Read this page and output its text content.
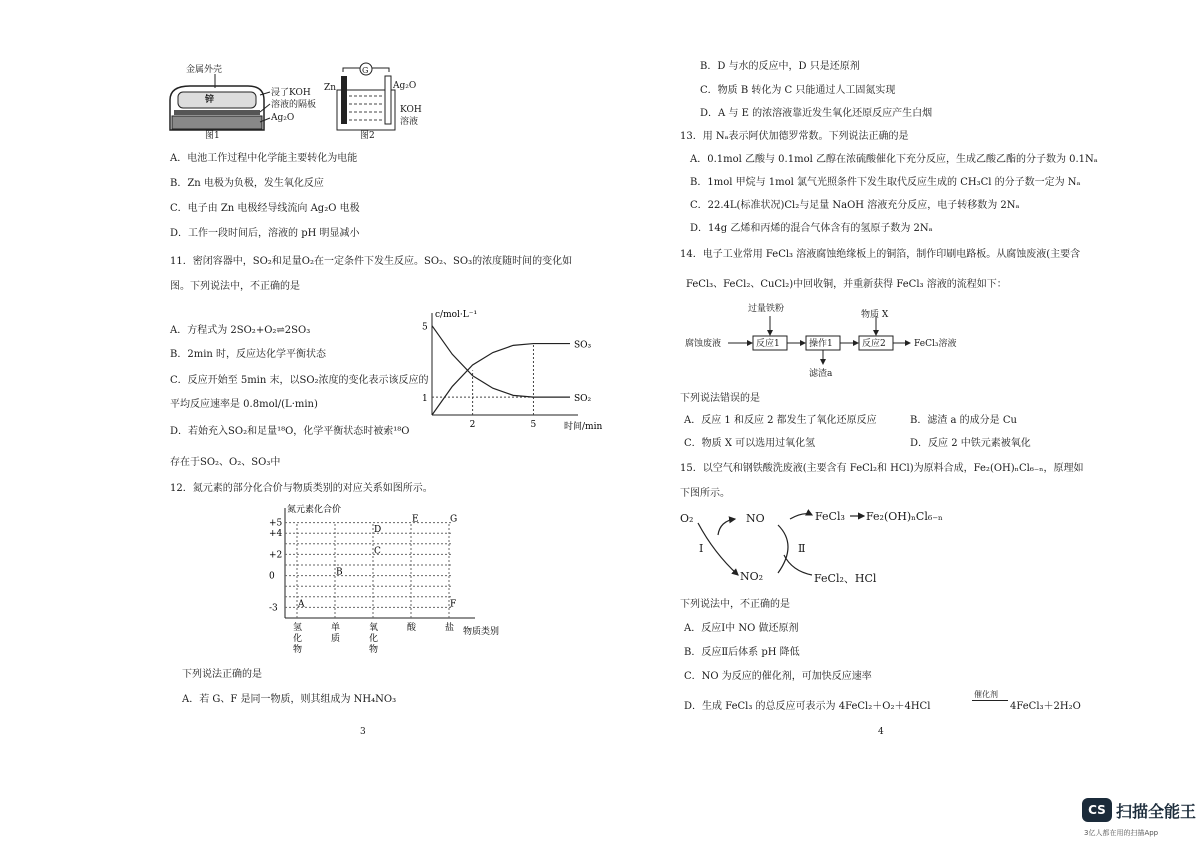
金属外壳
锌
浸了KOH
溶液的隔板
Ag₂O
图1
Zn
G
Ag₂O
KOH
溶液
图2
A．电池工作过程中化学能主要转化为电能
B．Zn 电极为负极，发生氧化反应
C．电子由 Zn 电极经导线流向 Ag₂O 电极
D．工作一段时间后，溶液的 pH 明显减小
11．密闭容器中，SO₂和足量O₂在一定条件下发生反应。SO₂、SO₃的浓度随时间的变化如
图。下列说法中，不正确的是
A．方程式为 2SO₂+O₂⇌2SO₃
B．2min 时，反应达化学平衡状态
C．反应开始至 5min 末，以SO₂浓度的变化表示该反应的
平均反应速率是 0.8mol/(L·min)
D．若始充入SO₂和足量¹⁸O，化学平衡状态时被索¹⁸O
存在于SO₂、O₂、SO₃中
c/mol·L⁻¹
时间/min
2	5
5
1
SO₃
SO₂
12．氮元素的部分化合价与物质类别的对应关系如图所示。
氮元素化合价
物质类别
氢
化
物
单
质
氧
化
物
酸	盐
+5
+4
+2
0
-3 A
B
C
D
E	G
F
下列说法正确的是
A．若 G、F 是同一物质，则其组成为 NH₄NO₃
3
B．D 与水的反应中，D 只是还原剂
C．物质 B 转化为 C 只能通过人工固氮实现
D．A 与 E 的浓溶液靠近发生氧化还原反应产生白烟
13．用 Nₐ表示阿伏加德罗常数。下列说法正确的是
A．0.1mol 乙酸与 0.1mol 乙醇在浓硫酸催化下充分反应，生成乙酸乙酯的分子数为 0.1Nₐ
B．1mol 甲烷与 1mol 氯气光照条件下发生取代反应生成的 CH₃Cl 的分子数一定为 Nₐ
C．22.4L(标准状况)Cl₂与足量 NaOH 溶液充分反应，电子转移数为 2Nₐ
D．14g 乙烯和丙烯的混合气体含有的氢原子数为 2Nₐ
14．电子工业常用 FeCl₃ 溶液腐蚀绝缘板上的铜箔，制作印刷电路板。从腐蚀废液(主要含
FeCl₃、FeCl₂、CuCl₂)中回收铜，并重新获得 FeCl₃ 溶液的流程如下：
过量铁粉
物质 X
腐蚀废液	反应1	操作1	反应2	FeCl₃溶液
滤渣a
下列说法错误的是
A．反应 1 和反应 2 都发生了氧化还原反应	B．滤渣 a 的成分是 Cu
C．物质 X 可以选用过氧化氢	D．反应 2 中铁元素被氧化
15．以空气和钢铁酸洗废液(主要含有 FeCl₂和 HCl)为原料合成，Fe₂(OH)ₙCl₆₋ₙ，原理如
下图所示。
O₂	NO
NO₂
Ⅰ	Ⅱ
FeCl₃ Fe₂(OH)ₙCl₆₋ₙ
FeCl₂、HCl
下列说法中，不正确的是
A．反应Ⅰ中 NO 做还原剂
B．反应Ⅱ后体系 pH 降低
C．NO 为反应的催化剂，可加快反应速率
D．生成 FeCl₃ 的总反应可表示为 4FeCl₂＋O₂＋4HCl
催化剂
4FeCl₃＋2H₂O
4
CS 扫描全能王
3亿人都在用的扫描App
